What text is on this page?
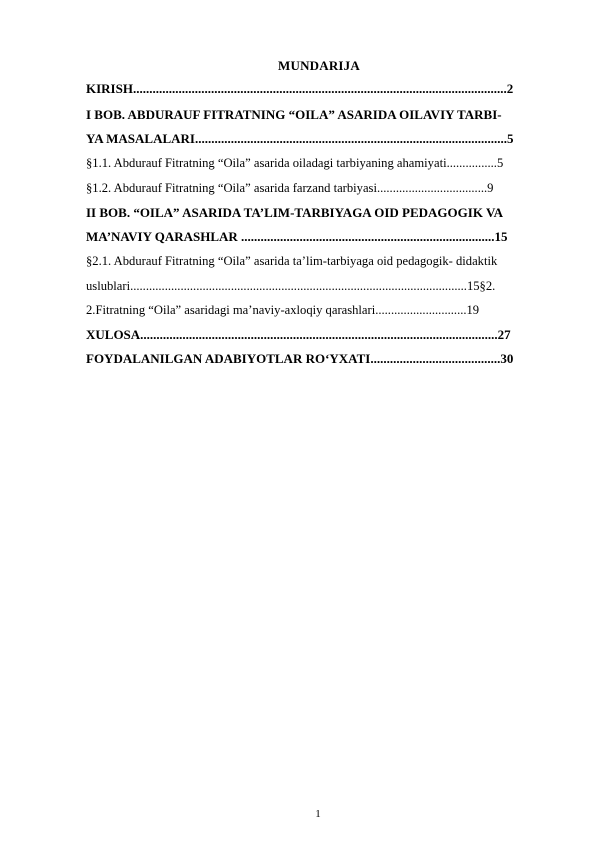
MUNDARIJA
KIRISH...................................................................................................................2
I BOB. ABDURAUF FITRATNING “OILA” ASARIDA OILAVIY TARBI-
YA MASALALARI................................................................................................5
§1.1. Abdurauf Fitratning “Oila” asarida oiladagi tarbiyaning ahamiyati................5
§1.2. Abdurauf Fitratning “Oila” asarida farzand tarbiyasi...................................9
II BOB. “OILA” ASARIDA TA’LIM-TARBIYAGA OID PEDAGOGIK VA
MA’NAVIY QARASHLAR ..............................................................................15
§2.1. Abdurauf Fitratning “Oila” asarida ta’lim-tarbiyaga oid pedagogik- didaktik
uslublari...........................................................................................................15§2.
2.Fitratning “Oila” asaridagi ma’naviy-axloqiy qarashlari.............................19
XULOSA..............................................................................................................27
FOYDALANILGAN ADABIYOTLAR RO‘YXATI........................................30
1
